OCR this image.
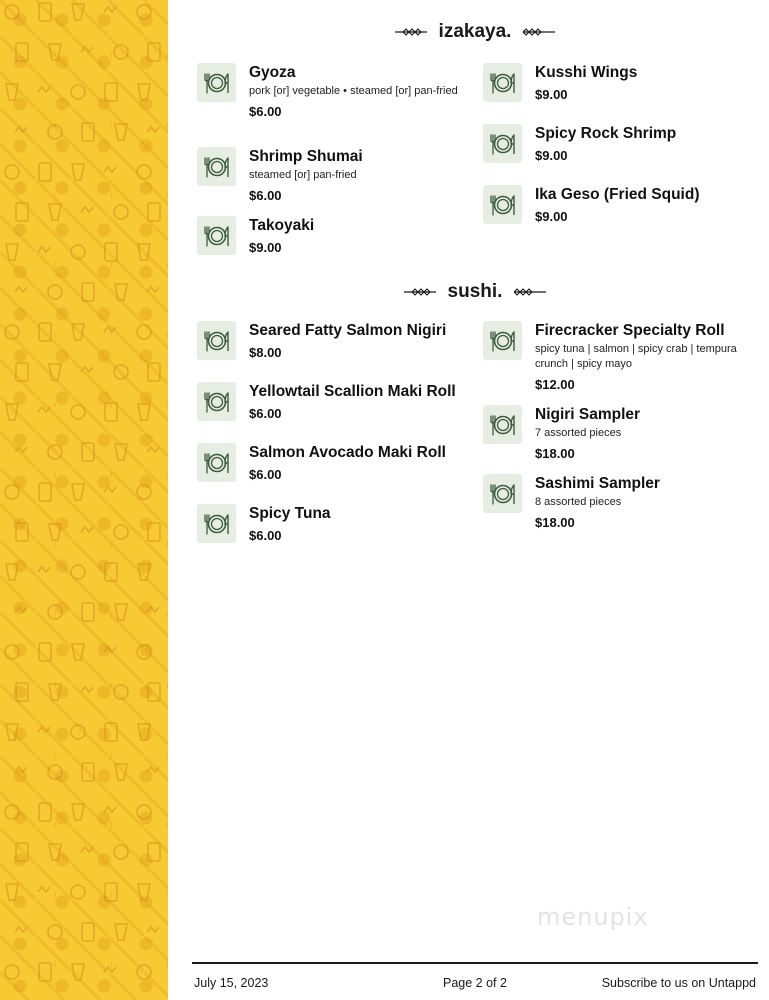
izakaya.
Gyoza
pork [or] vegetable • steamed [or] pan-fried
$6.00
Shrimp Shumai
steamed [or] pan-fried
$6.00
Takoyaki
$9.00
Kusshi Wings
$9.00
Spicy Rock Shrimp
$9.00
Ika Geso (Fried Squid)
$9.00
sushi.
Seared Fatty Salmon Nigiri
$8.00
Yellowtail Scallion Maki Roll
$6.00
Salmon Avocado Maki Roll
$6.00
Spicy Tuna
$6.00
Firecracker Specialty Roll
spicy tuna | salmon | spicy crab | tempura crunch | spicy mayo
$12.00
Nigiri Sampler
7 assorted pieces
$18.00
Sashimi Sampler
8 assorted pieces
$18.00
menupix
July 15, 2023	Page 2 of 2	Subscribe to us on Untappd
